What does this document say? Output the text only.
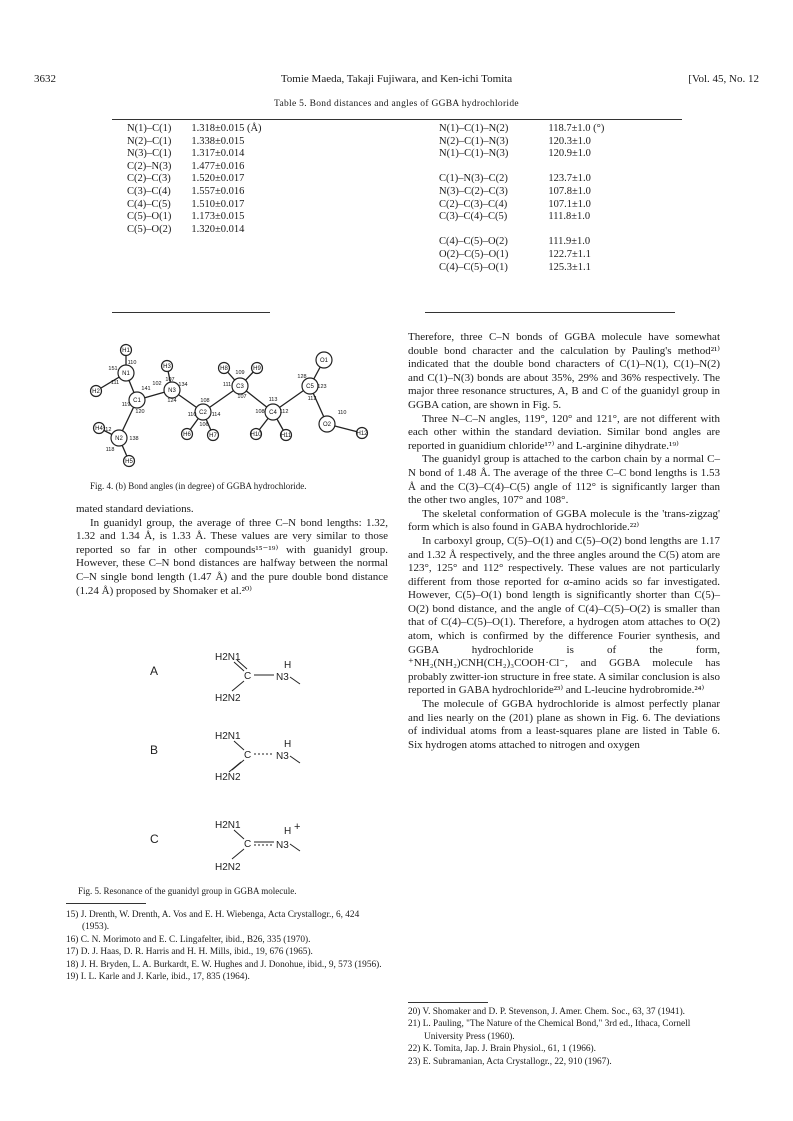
3632	Tomie Maeda, Takaji Fujiwara, and Ken-ichi Tomita	[Vol. 45, No. 12
Table 5. Bond distances and angles of GGBA hydrochloride
N(1)–C(1)	1.318±0.015 (Å)
N(2)–C(1)	1.338±0.015
N(3)–C(1)	1.317±0.014
C(2)–N(3)	1.477±0.016
C(2)–C(3)	1.520±0.017
C(3)–C(4)	1.557±0.016
C(4)–C(5)	1.510±0.017
C(5)–O(1)	1.173±0.015
C(5)–O(2)	1.320±0.014
N(1)–C(1)–N(2)	118.7±1.0 (°)
N(2)–C(1)–N(3)	120.3±1.0
N(1)–C(1)–N(3)	120.9±1.0

C(1)–N(3)–C(2)	123.7±1.0
N(3)–C(2)–C(3)	107.8±1.0
C(2)–C(3)–C(4)	107.1±1.0
C(3)–C(4)–C(5)	111.8±1.0

C(4)–C(5)–O(2)	111.9±1.0
O(2)–C(5)–O(1)	122.7±1.1
C(4)–C(5)–O(1)	125.3±1.1
H1
H2
N1
C1
H3
N3
H4
N2
H5
C2
H6	H7
C3
H8	H9
C4
H10	H11
C5
O1
O2
H12
151
110
111
141
119
120
112
138
118
107
102	134
124	108
110	114
106
109
111
107
108
113
112
128
123
110
112
Fig. 4. (b) Bond angles (in degree) of GGBA hydrochloride.

mated standard deviations.

In guanidyl group, the average of three C–N bond lengths: 1.32, 1.32 and 1.34 Å, is 1.33 Å. These values are very similar to those reported so far in other compounds¹⁵⁻¹⁹⁾ with guanidyl group. However, these C–N bond distances are halfway between the normal C–N single bond length (1.47 Å) and the pure double bond distance (1.24 Å) proposed by Shomaker et al.²⁰⁾

A
H2N1
C N3
H
H2N2
B
H2N1
C N3
H
H2N2
C
H2N1
C N3
H +
H2N2
Fig. 5. Resonance of the guanidyl group in GGBA molecule.

15) J. Drenth, W. Drenth, A. Vos and E. H. Wiebenga, Acta Crystallogr., 6, 424 (1953).

16) C. N. Morimoto and E. C. Lingafelter, ibid., B26, 335 (1970).

17) D. J. Haas, D. R. Harris and H. H. Mills, ibid., 19, 676 (1965).

18) J. H. Bryden, L. A. Burkardt, E. W. Hughes and J. Donohue, ibid., 9, 573 (1956).

19) I. L. Karle and J. Karle, ibid., 17, 835 (1964).

Therefore, three C–N bonds of GGBA molecule have somewhat double bond character and the calculation by Pauling's method²¹⁾ indicated that the double bond characters of C(1)–N(1), C(1)–N(2) and C(1)–N(3) bonds are about 35%, 29% and 36% respectively. The major three resonance structures, A, B and C of the guanidyl group in GGBA cation, are shown in Fig. 5.

Three N–C–N angles, 119°, 120° and 121°, are not different with each other within the standard deviation. Similar bond angles are reported in guanidium chloride¹⁷⁾ and L-arginine dihydrate.¹⁹⁾

The guanidyl group is attached to the carbon chain by a normal C–N bond of 1.48 Å. The average of the three C–C bond lengths is 1.53 Å and the C(3)–C(4)–C(5) angle of 112° is significantly larger than the other two angles, 107° and 108°.

The skeletal conformation of GGBA molecule is the 'trans-zigzag' form which is also found in GABA hydrochloride.²²⁾

In carboxyl group, C(5)–O(1) and C(5)–O(2) bond lengths are 1.17 and 1.32 Å respectively, and the three angles around the C(5) atom are 123°, 125° and 112° respectively. These values are not particularly different from those reported for α-amino acids so far investigated. However, C(5)–O(1) bond length is significantly shorter than C(5)–O(2) bond distance, and the angle of C(4)–C(5)–O(2) is smaller than that of C(4)–C(5)–O(1). Therefore, a hydrogen atom attaches to O(2) atom, which is confirmed by the difference Fourier synthesis, and GGBA hydrochloride is of the form, ⁺NH₂(NH₂)CNH(CH₂)₃COOH·Cl⁻, and GGBA molecule has probably zwitter-ion structure in free state. A similar conclusion is also reported in GABA hydrochloride²³⁾ and L-leucine hydrobromide.²⁴⁾

The molecule of GGBA hydrochloride is almost perfectly planar and lies nearly on the (201) plane as shown in Fig. 6. The deviations of individual atoms from a least-squares plane are listed in Table 6. Six hydrogen atoms attached to nitrogen and oxygen

20) V. Shomaker and D. P. Stevenson, J. Amer. Chem. Soc., 63, 37 (1941).

21) L. Pauling, "The Nature of the Chemical Bond," 3rd ed., Ithaca, Cornell University Press (1960).

22) K. Tomita, Jap. J. Brain Physiol., 61, 1 (1966).

23) E. Subramanian, Acta Crystallogr., 22, 910 (1967).
